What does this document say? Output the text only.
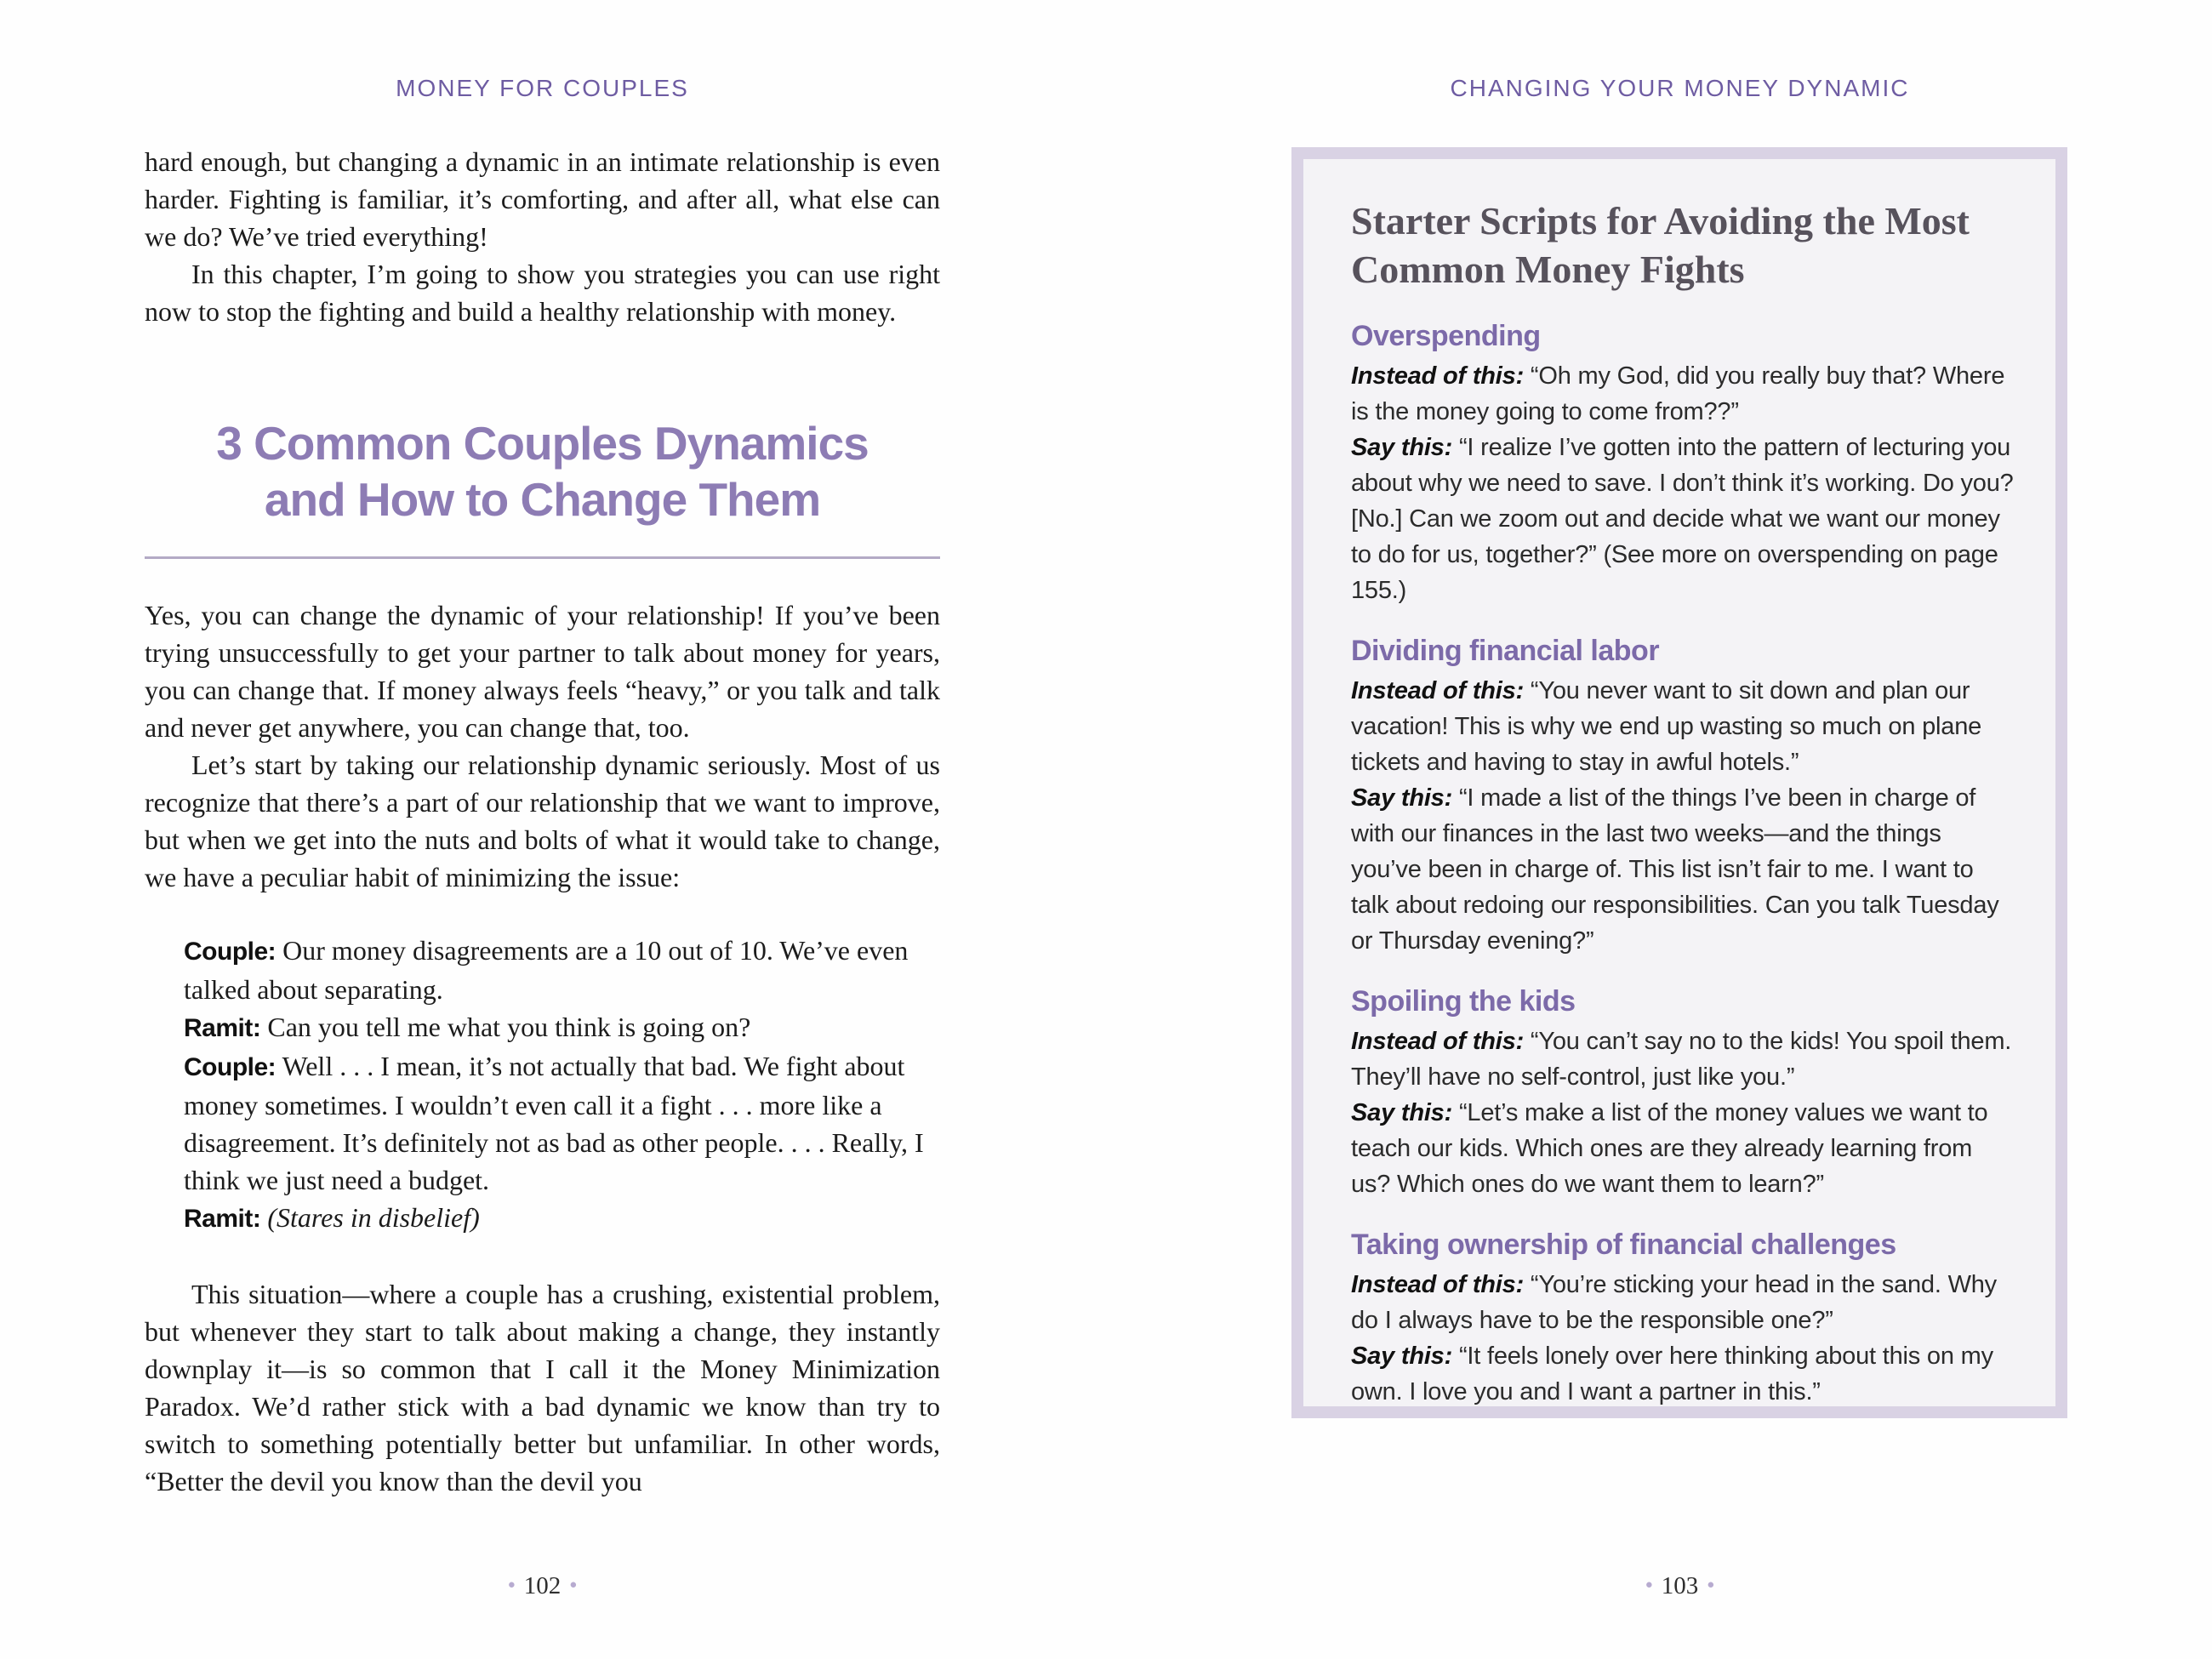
MONEY FOR COUPLES

hard enough, but changing a dynamic in an intimate relationship is even harder. Fighting is familiar, it’s comforting, and after all, what else can we do? We’ve tried everything!

In this chapter, I’m going to show you strategies you can use right now to stop the fighting and build a healthy relationship with money.

3 Common Couples Dynamics
and How to Change Them

Yes, you can change the dynamic of your relationship! If you’ve been trying unsuccessfully to get your partner to talk about money for years, you can change that. If money always feels “heavy,” or you talk and talk and never get anywhere, you can change that, too.

Let’s start by taking our relationship dynamic seriously. Most of us recognize that there’s a part of our relationship that we want to improve, but when we get into the nuts and bolts of what it would take to change, we have a peculiar habit of minimizing the issue:

Couple: Our money disagreements are a 10 out of 10. We’ve even talked about separating.

Ramit: Can you tell me what you think is going on?

Couple: Well . . . I mean, it’s not actually that bad. We fight about money sometimes. I wouldn’t even call it a fight . . . more like a disagreement. It’s definitely not as bad as other people. . . . Really, I think we just need a budget.

Ramit: (Stares in disbelief)

This situation—where a couple has a crushing, existential problem, but whenever they start to talk about making a change, they instantly downplay it—is so common that I call it the Money Minimization Paradox. We’d rather stick with a bad dynamic we know than try to switch to something potentially better but unfamiliar. In other words, “Better the devil you know than the devil you

● 102 ●
CHANGING YOUR MONEY DYNAMIC
Starter Scripts for Avoiding the Most Common Money Fights
Overspending

Instead of this: “Oh my God, did you really buy that? Where is the money going to come from??”

Say this: “I realize I’ve gotten into the pattern of lecturing you about why we need to save. I don’t think it’s working. Do you? [No.] Can we zoom out and decide what we want our money to do for us, together?” (See more on overspending on page 155.)

Dividing financial labor

Instead of this: “You never want to sit down and plan our vacation! This is why we end up wasting so much on plane tickets and having to stay in awful hotels.”

Say this: “I made a list of the things I’ve been in charge of with our finances in the last two weeks—and the things you’ve been in charge of. This list isn’t fair to me. I want to talk about redoing our responsibilities. Can you talk Tuesday or Thursday evening?”

Spoiling the kids

Instead of this: “You can’t say no to the kids! You spoil them. They’ll have no self-control, just like you.”

Say this: “Let’s make a list of the money values we want to teach our kids. Which ones are they already learning from us? Which ones do we want them to learn?”

Taking ownership of financial challenges

Instead of this: “You’re sticking your head in the sand. Why do I always have to be the responsible one?”

Say this: “It feels lonely over here thinking about this on my own. I love you and I want a partner in this.”

● 103 ●
